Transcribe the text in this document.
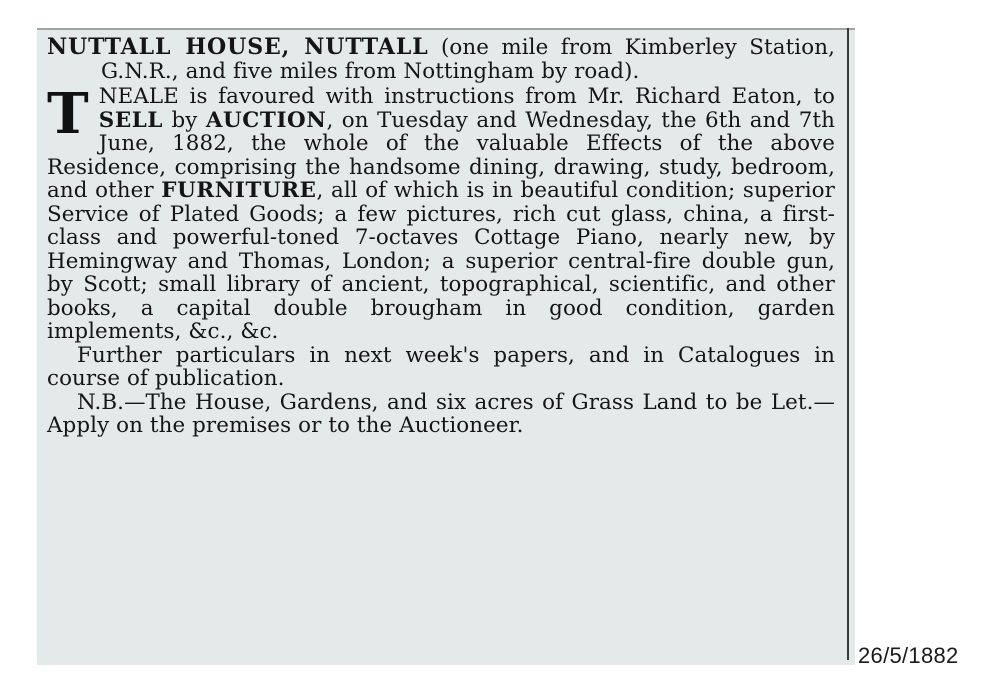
NUTTALL HOUSE, NUTTALL (one mile from Kimberley Station, G.N.R., and five miles from Nottingham by road).

T NEALE is favoured with instructions from Mr. Richard Eaton, to SELL by AUCTION, on Tuesday and Wednesday, the 6th and 7th June, 1882, the whole of the valuable Effects of the above Residence, comprising the handsome dining, drawing, study, bedroom, and other FURNITURE, all of which is in beautiful condition; superior Service of Plated Goods; a few pictures, rich cut glass, china, a first-class and powerful-toned 7-octaves Cottage Piano, nearly new, by Hemingway and Thomas, London; a superior central-fire double gun, by Scott; small library of ancient, topographical, scientific, and other books, a capital double brougham in good condition, garden implements, &c., &c.

Further particulars in next week's papers, and in Catalogues in course of publication.

N.B.—The House, Gardens, and six acres of Grass Land to be Let.—Apply on the premises or to the Auctioneer.

26/5/1882
